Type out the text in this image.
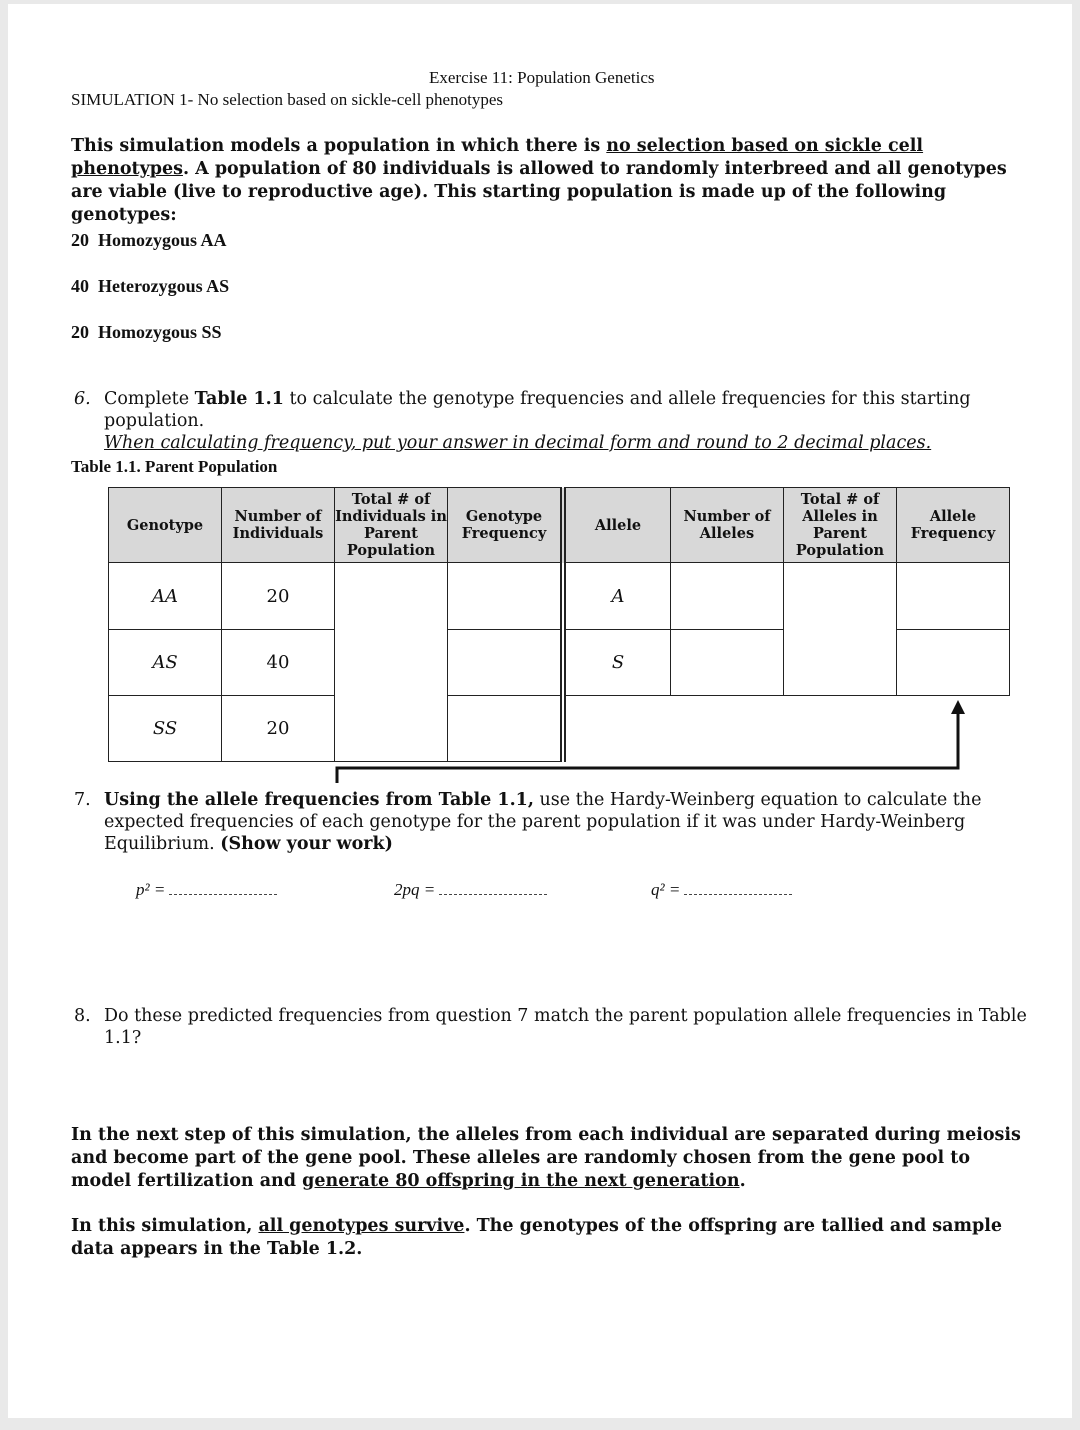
Exercise 11: Population Genetics
SIMULATION 1- No selection based on sickle-cell phenotypes
This simulation models a population in which there is no selection based on sickle cell phenotypes. A population of 80 individuals is allowed to randomly interbreed and all genotypes are viable (live to reproductive age). This starting population is made up of the following genotypes:
20 Homozygous AA
40 Heterozygous AS
20 Homozygous SS
6. Complete Table 1.1 to calculate the genotype frequencies and allele frequencies for this starting population.
When calculating frequency, put your answer in decimal form and round to 2 decimal places.
Table 1.1. Parent Population
Genotype	Number of Individuals	Total # of Individuals in Parent Population	Genotype Frequency	Allele	Number of Alleles	Total # of Alleles in Parent Population	Allele Frequency
AA	20			A			
AS	40			S			
SS	20						
7. Using the allele frequencies from Table 1.1, use the Hardy-Weinberg equation to calculate the expected frequencies of each genotype for the parent population if it was under Hardy-Weinberg Equilibrium. (Show your work)
p² =	2pq =	q² =
8. Do these predicted frequencies from question 7 match the parent population allele frequencies in Table 1.1?
In the next step of this simulation, the alleles from each individual are separated during meiosis and become part of the gene pool. These alleles are randomly chosen from the gene pool to model fertilization and generate 80 offspring in the next generation.
In this simulation, all genotypes survive. The genotypes of the offspring are tallied and sample data appears in the Table 1.2.
